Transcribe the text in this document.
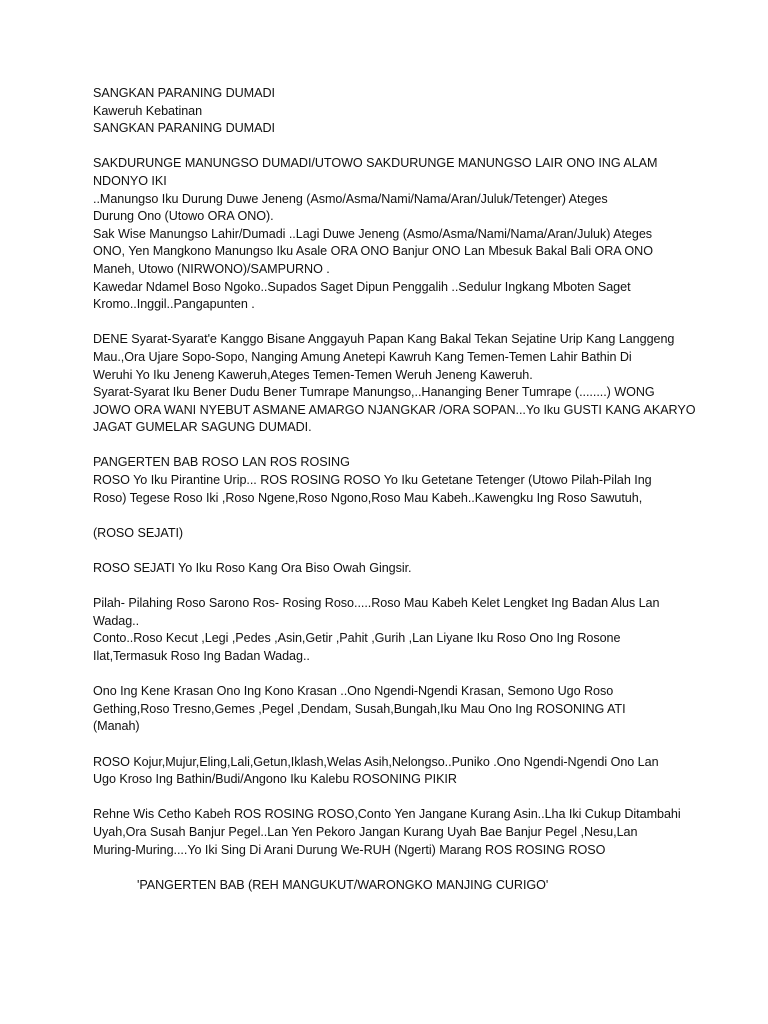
SANGKAN PARANING DUMADI
Kaweruh Kebatinan
SANGKAN PARANING DUMADI
SAKDURUNGE MANUNGSO DUMADI/UTOWO SAKDURUNGE MANUNGSO LAIR ONO ING ALAM
NDONYO IKI
..Manungso Iku Durung Duwe Jeneng (Asmo/Asma/Nami/Nama/Aran/Juluk/Tetenger) Ateges
Durung Ono (Utowo ORA ONO).
Sak Wise Manungso Lahir/Dumadi ..Lagi Duwe Jeneng (Asmo/Asma/Nami/Nama/Aran/Juluk) Ateges
ONO, Yen Mangkono Manungso Iku Asale ORA ONO Banjur ONO Lan Mbesuk Bakal Bali ORA ONO
Maneh, Utowo (NIRWONO)/SAMPURNO .
Kawedar Ndamel Boso Ngoko..Supados Saget Dipun Penggalih ..Sedulur Ingkang Mboten Saget
Kromo..Inggil..Pangapunten .
DENE Syarat-Syarat'e Kanggo Bisane Anggayuh Papan Kang Bakal Tekan Sejatine Urip Kang Langgeng
Mau.,Ora Ujare Sopo-Sopo, Nanging Amung Anetepi Kawruh Kang Temen-Temen Lahir Bathin Di
Weruhi Yo Iku Jeneng Kaweruh,Ateges Temen-Temen Weruh Jeneng Kaweruh.
Syarat-Syarat Iku Bener Dudu Bener Tumrape Manungso,..Hananging Bener Tumrape (........) WONG
JOWO ORA WANI NYEBUT ASMANE AMARGO NJANGKAR /ORA SOPAN...Yo Iku GUSTI KANG AKARYO
JAGAT GUMELAR SAGUNG DUMADI.
PANGERTEN BAB ROSO LAN ROS ROSING
ROSO Yo Iku Pirantine Urip... ROS ROSING ROSO Yo Iku Getetane Tetenger (Utowo Pilah-Pilah Ing
Roso) Tegese Roso Iki ,Roso Ngene,Roso Ngono,Roso Mau Kabeh..Kawengku Ing Roso Sawutuh,
(ROSO SEJATI)
ROSO SEJATI Yo Iku Roso Kang Ora Biso Owah Gingsir.
Pilah- Pilahing Roso Sarono Ros- Rosing Roso.....Roso Mau Kabeh Kelet Lengket Ing Badan Alus Lan
Wadag..
Conto..Roso Kecut ,Legi ,Pedes ,Asin,Getir ,Pahit ,Gurih ,Lan Liyane Iku Roso Ono Ing Rosone
Ilat,Termasuk Roso Ing Badan Wadag..
Ono Ing Kene Krasan Ono Ing Kono Krasan ..Ono Ngendi-Ngendi Krasan, Semono Ugo Roso
Gething,Roso Tresno,Gemes ,Pegel ,Dendam, Susah,Bungah,Iku Mau Ono Ing ROSONING ATI
(Manah)
ROSO Kojur,Mujur,Eling,Lali,Getun,Iklash,Welas Asih,Nelongso..Puniko .Ono Ngendi-Ngendi Ono Lan
Ugo Kroso Ing Bathin/Budi/Angono Iku Kalebu ROSONING PIKIR
Rehne Wis Cetho Kabeh ROS ROSING ROSO,Conto Yen Jangane Kurang Asin..Lha Iki Cukup Ditambahi
Uyah,Ora Susah Banjur Pegel..Lan Yen Pekoro Jangan Kurang Uyah Bae Banjur Pegel ,Nesu,Lan
Muring-Muring....Yo Iki Sing Di Arani Durung We-RUH (Ngerti) Marang ROS ROSING ROSO
'PANGERTEN BAB (REH MANGUKUT/WARONGKO MANJING CURIGO'
